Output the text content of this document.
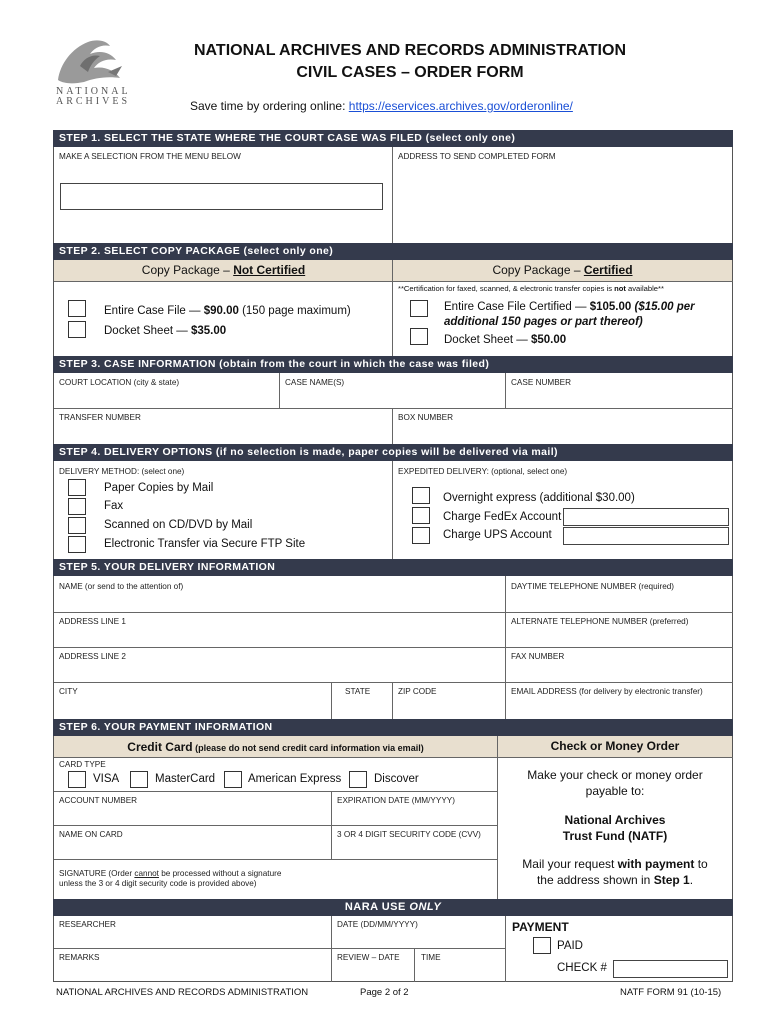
NATIONAL
ARCHIVES
NATIONAL ARCHIVES AND RECORDS ADMINISTRATION
CIVIL CASES – ORDER FORM
Save time by ordering online: https://eservices.archives.gov/orderonline/
STEP 1. SELECT THE STATE WHERE THE COURT CASE WAS FILED (select only one)
MAKE A SELECTION FROM THE MENU BELOW	ADDRESS TO SEND COMPLETED FORM
STEP 2. SELECT COPY PACKAGE (select only one)
Copy Package – Not Certified	Copy Package – Certified
**Certification for faxed, scanned, & electronic transfer copies is not available**
Entire Case File — $90.00 (150 page maximum)
Docket Sheet — $35.00
Entire Case File Certified — $105.00 ($15.00 per
additional 150 pages or part thereof)
Docket Sheet — $50.00
STEP 3. CASE INFORMATION (obtain from the court in which the case was filed)
COURT LOCATION (city & state)	CASE NAME(S)	CASE NUMBER
TRANSFER NUMBER	BOX NUMBER
STEP 4. DELIVERY OPTIONS (if no selection is made, paper copies will be delivered via mail)
DELIVERY METHOD: (select one)	EXPEDITED DELIVERY: (optional, select one)
Paper Copies by Mail
Fax
Scanned on CD/DVD by Mail
Electronic Transfer via Secure FTP Site
Overnight express (additional $30.00)
Charge FedEx Account
Charge UPS Account
STEP 5. YOUR DELIVERY INFORMATION
NAME (or send to the attention of)	DAYTIME TELEPHONE NUMBER (required)
ADDRESS LINE 1	ALTERNATE TELEPHONE NUMBER (preferred)
ADDRESS LINE 2	FAX NUMBER
CITY	STATE	ZIP CODE	EMAIL ADDRESS (for delivery by electronic transfer)
STEP 6. YOUR PAYMENT INFORMATION
Credit Card (please do not send credit card information via email)	Check or Money Order
CARD TYPE
VISA	MasterCard	American Express	Discover
ACCOUNT NUMBER	EXPIRATION DATE (MM/YYYY)
NAME ON CARD	3 OR 4 DIGIT SECURITY CODE (CVV)
SIGNATURE (Order cannot be processed without a signature
unless the 3 or 4 digit security code is provided above)
Make your check or money order
payable to:
National Archives
Trust Fund (NATF)
Mail your request with payment to
the address shown in Step 1.
NARA USE ONLY
RESEARCHER	DATE (DD/MM/YYYY)
REMARKS	REVIEW – DATE	TIME
PAYMENT
PAID
CHECK #
NATIONAL ARCHIVES AND RECORDS ADMINISTRATION	Page 2 of 2	NATF FORM 91 (10-15)
